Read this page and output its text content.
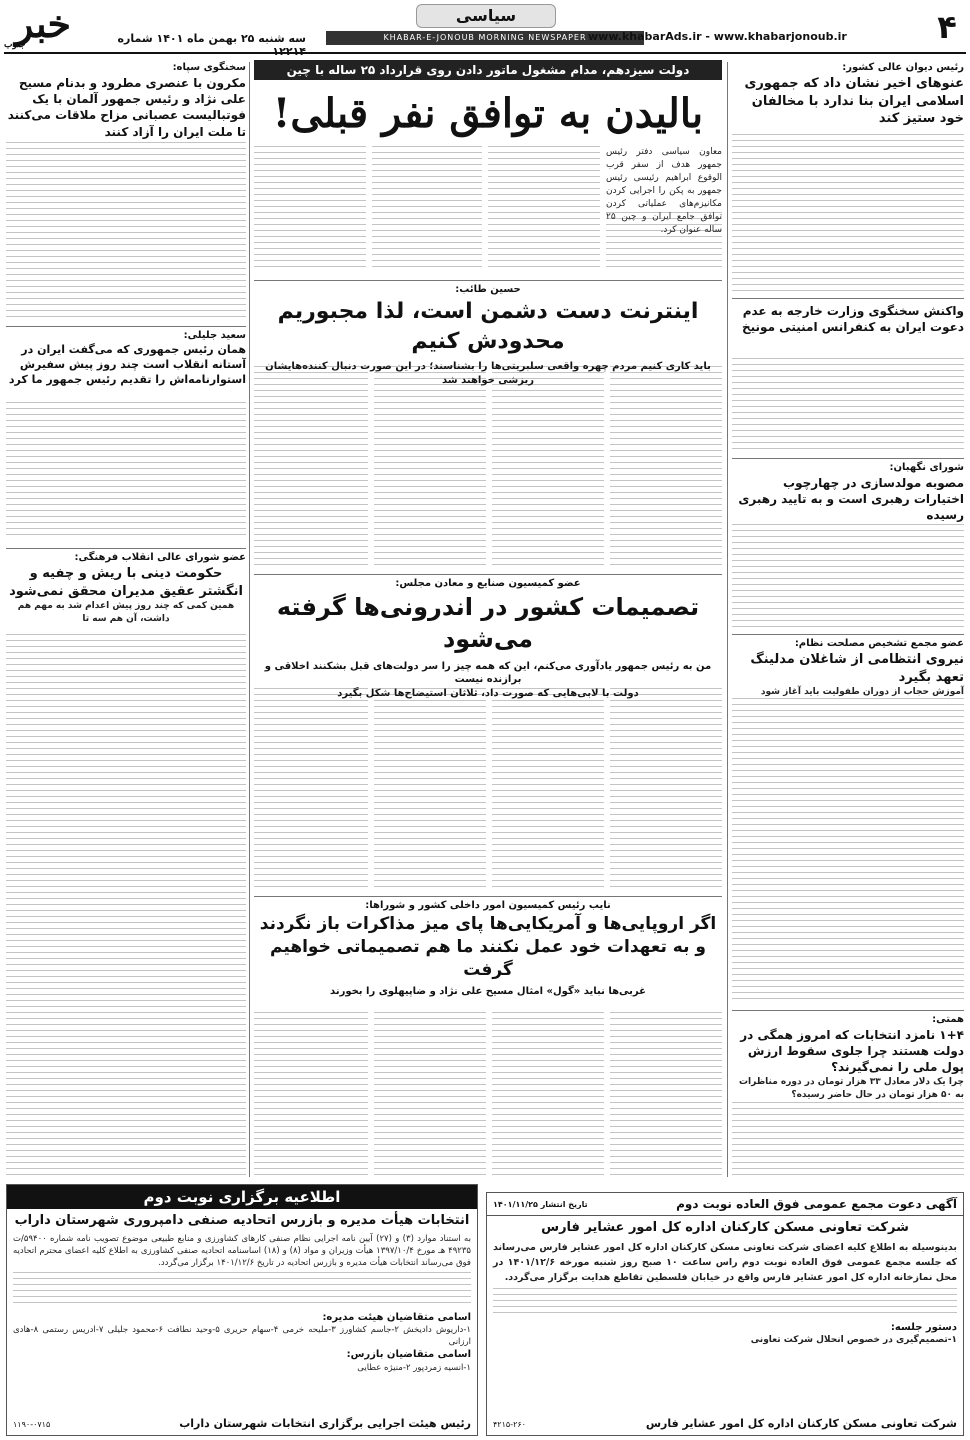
خبر
جنوب	سه شنبه ۲۵ بهمن ماه ۱۴۰۱ شماره ۱۲۲۱۴
سیاسی
KHABAR-E-JONOUB MORNING NEWSPAPER www.khabarAds.ir - www.khabarjonoub.ir	۴
رئیس دیوان عالی کشور:
عنوهای اخیر نشان داد که جمهوری اسلامی ایران بنا ندارد با مخالفان خود ستیز کند
واکنش سخنگوی وزارت خارجه به عدم دعوت ایران به کنفرانس امنیتی مونیخ
شورای نگهبان:
مصوبه مولدسازی در چهارچوب اختیارات رهبری است و به تایید رهبری رسیده
عضو مجمع تشخیص مصلحت نظام:
نیروی انتظامی از شاغلان مدلینگ تعهد بگیرد
آموزش حجاب از دوران طفولیت باید آغاز شود
همتی:
۱+۴ نامزد انتخابات که امروز همگی در دولت هستند چرا جلوی سقوط ارزش پول ملی را نمی‌گیرند؟
چرا یک دلار معادل ۳۳ هزار تومان در دوره مناظرات به ۵۰ هزار تومان در حال حاضر رسیده؟
دولت سیزدهم، مدام مشغول ماتور دادن روی قرارداد ۲۵ ساله با چین
بالیدن به توافق نفر قبلی!
معاون سیاسی دفتر رئیس جمهور هدف از سفر قرب الوقوع ابراهیم رئیسی رئیس جمهور به پکن را اجرایی کردن مکانیزم‌های عملیاتی کردن توافق جامع ایران و چین ۲۵ ساله عنوان کرد.
حسین طائب:
اینترنت دست دشمن است، لذا مجبوریم محدودش کنیم
باید کاری کنیم مردم چهره واقعی سلبریتی‌ها را بشناسند؛ در این صورت دنبال کننده‌هایشان ریزشی خواهند شد
عضو کمیسیون صنایع و معادن مجلس:
تصمیمات کشور در اندرونی‌ها گرفته می‌شود
من به رئیس جمهور یادآوری می‌کنم، این که همه چیز را سر دولت‌های قبل بشکنند اخلاقی و برازنده نیست
دولت با لابی‌هایی که صورت داد، ثلاثان استیضاح‌ها شکل بگیرد
نایب رئیس کمیسیون امور داخلی کشور و شوراها:
اگر اروپایی‌ها و آمریکایی‌ها پای میز مذاکرات باز نگردند و به تعهدات خود عمل نکنند ما هم تصمیماتی خواهیم گرفت
غربی‌ها نباید «گول» امثال مسیح علی نژاد و ضاپیهلوی را بخورند
سخنگوی سپاه:
مکرون با عنصری مطرود و بدنام مسیح علی نژاد و رئیس جمهور آلمان با یک فوتبالیست عصبانی مزاح ملاقات می‌کنند تا ملت ایران را آزاد کنند
سعید جلیلی:
همان رئیس جمهوری که می‌گفت ایران در آستانه انقلاب است چند روز پیش سفیرش استوارنامه‌اش را تقدیم رئیس جمهور ما کرد
عضو شورای عالی انقلاب فرهنگی:
حکومت دینی با ریش و چفیه و انگشتر عقیق مدیران محقق نمی‌شود
همین کمی که چند روز پیش اعدام شد به مهم هم داشت، آن هم سه تا
اطلاعیه برگزاری نوبت دوم
انتخابات هیأت مدیره و بازرس اتحادیه صنفی دامپروری شهرستان داراب
به استناد موارد (۳) و (۲۷) آیین نامه اجرایی نظام صنفی کارهای کشاورزی و منابع طبیعی موضوع تصویب نامه شماره ۵۹۴۰۰/ت ۴۹۲۳۵ هـ مورخ ۱۳۹۷/۱۰/۴ هیأت وزیران و مواد (۸) و (۱۸) اساسنامه اتحادیه صنفی کشاورزی به اطلاع کلیه اعضای محترم اتحادیه فوق می‌رساند انتخابات هیأت مدیره و بازرس اتحادیه در تاریخ ۱۴۰۱/۱۲/۶ برگزار می‌گردد.
اسامی متقاضیان هیئت مدیره:
۱-داریوش دادیخش ۲-جاسم کشاورز ۳-ملیحه خرمی ۴-سهام حریری ۵-وحید نطافت ۶-محمود جلیلی ۷-ادریس رستمی ۸-هادی ارزانی
اسامی متقاضیان بازرس:
۱-انسیه زمردپور ۲-منیژه عطایی
رئیس هیئت اجرایی برگزاری انتخابات شهرستان داراب
۱۱۹۰-۰۷۱۵
آگهی دعوت مجمع عمومی فوق العاده نوبت دوم
تاریخ انتشار ۱۴۰۱/۱۱/۲۵
شرکت تعاونی مسکن کارکنان اداره کل امور عشایر فارس
بدینوسیله به اطلاع کلیه اعضای شرکت تعاونی مسکن کارکنان اداره کل امور عشایر فارس می‌رساند که جلسه مجمع عمومی فوق العاده نوبت دوم راس ساعت ۱۰ صبح روز شنبه مورخه ۱۴۰۱/۱۲/۶ در محل نمازخانه اداره کل امور عشایر فارس واقع در خیابان فلسطین تقاطع هدایت برگزار می‌گردد.
دستور جلسه:
۱-تصمیم‌گیری در خصوص انحلال شرکت تعاونی
شرکت تعاونی مسکن کارکنان اداره کل امور عشایر فارس
۴۲۱۵-۲۶۰
